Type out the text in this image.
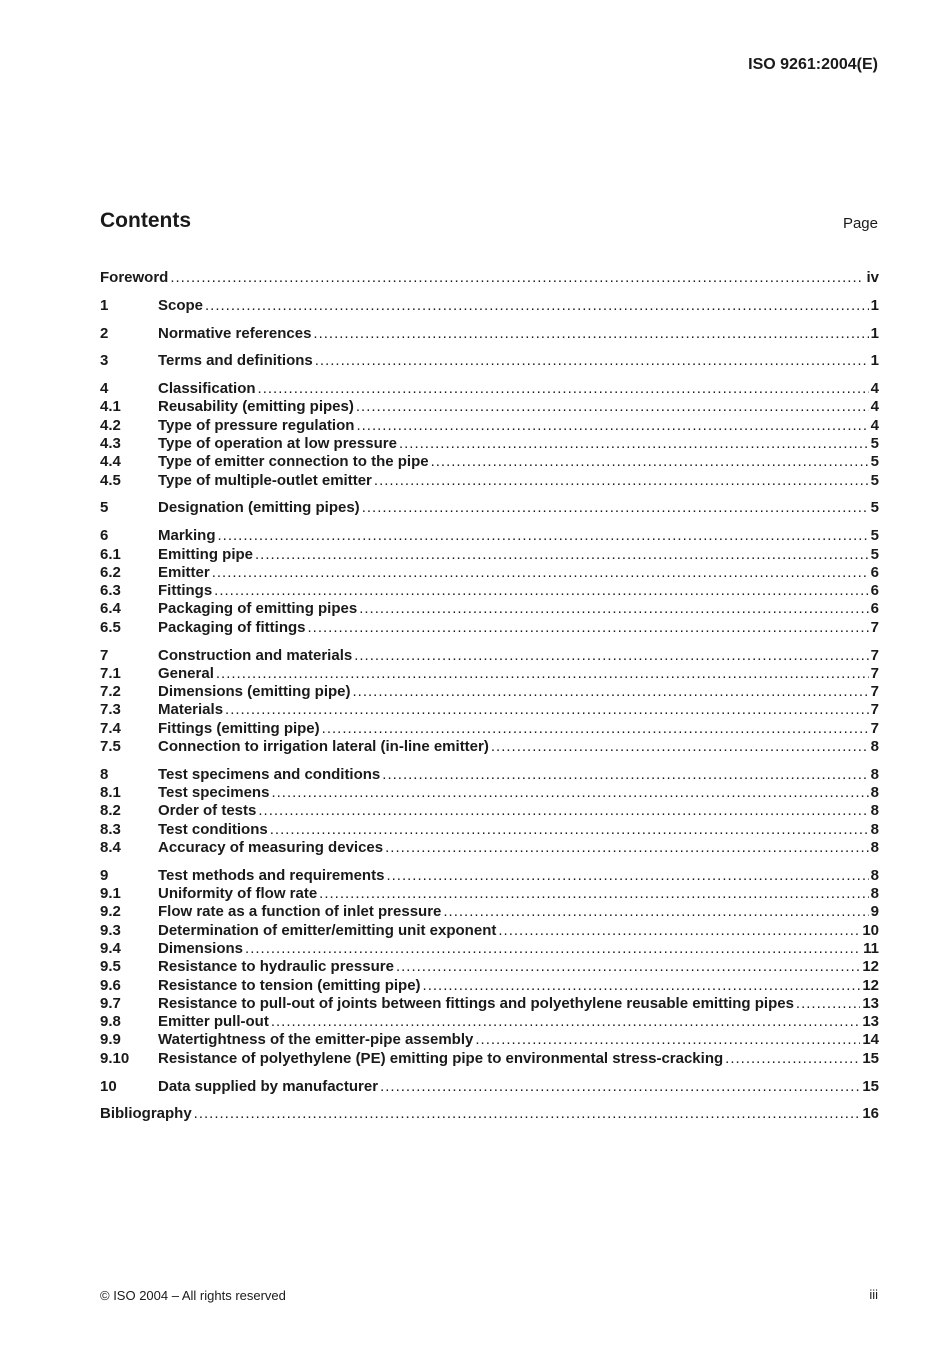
ISO 9261:2004(E)
Contents	Page
Foreword .....	iv
1	Scope .....	1
2	Normative references .....	1
3	Terms and definitions .....	1
4	Classification .....	4
4.1	Reusability (emitting pipes) .....	4
4.2	Type of pressure regulation .....	4
4.3	Type of operation at low pressure .....	5
4.4	Type of emitter connection to the pipe .....	5
4.5	Type of multiple-outlet emitter .....	5
5	Designation (emitting pipes) .....	5
6	Marking .....	5
6.1	Emitting pipe .....	5
6.2	Emitter .....	6
6.3	Fittings .....	6
6.4	Packaging of emitting pipes .....	6
6.5	Packaging of fittings .....	7
7	Construction and materials .....	7
7.1	General .....	7
7.2	Dimensions (emitting pipe) .....	7
7.3	Materials .....	7
7.4	Fittings (emitting pipe) .....	7
7.5	Connection to irrigation lateral (in-line emitter) .....	8
8	Test specimens and conditions .....	8
8.1	Test specimens .....	8
8.2	Order of tests .....	8
8.3	Test conditions .....	8
8.4	Accuracy of measuring devices .....	8
9	Test methods and requirements .....	8
9.1	Uniformity of flow rate .....	8
9.2	Flow rate as a function of inlet pressure .....	9
9.3	Determination of emitter/emitting unit exponent .....	10
9.4	Dimensions .....	11
9.5	Resistance to hydraulic pressure .....	12
9.6	Resistance to tension (emitting pipe) .....	12
9.7	Resistance to pull-out of joints between fittings and polyethylene reusable emitting pipes .....	13
9.8	Emitter pull-out .....	13
9.9	Watertightness of the emitter-pipe assembly .....	14
9.10	Resistance of polyethylene (PE) emitting pipe to environmental stress-cracking .....	15
10	Data supplied by manufacturer .....	15
Bibliography .....	16
© ISO 2004 – All rights reserved	iii
